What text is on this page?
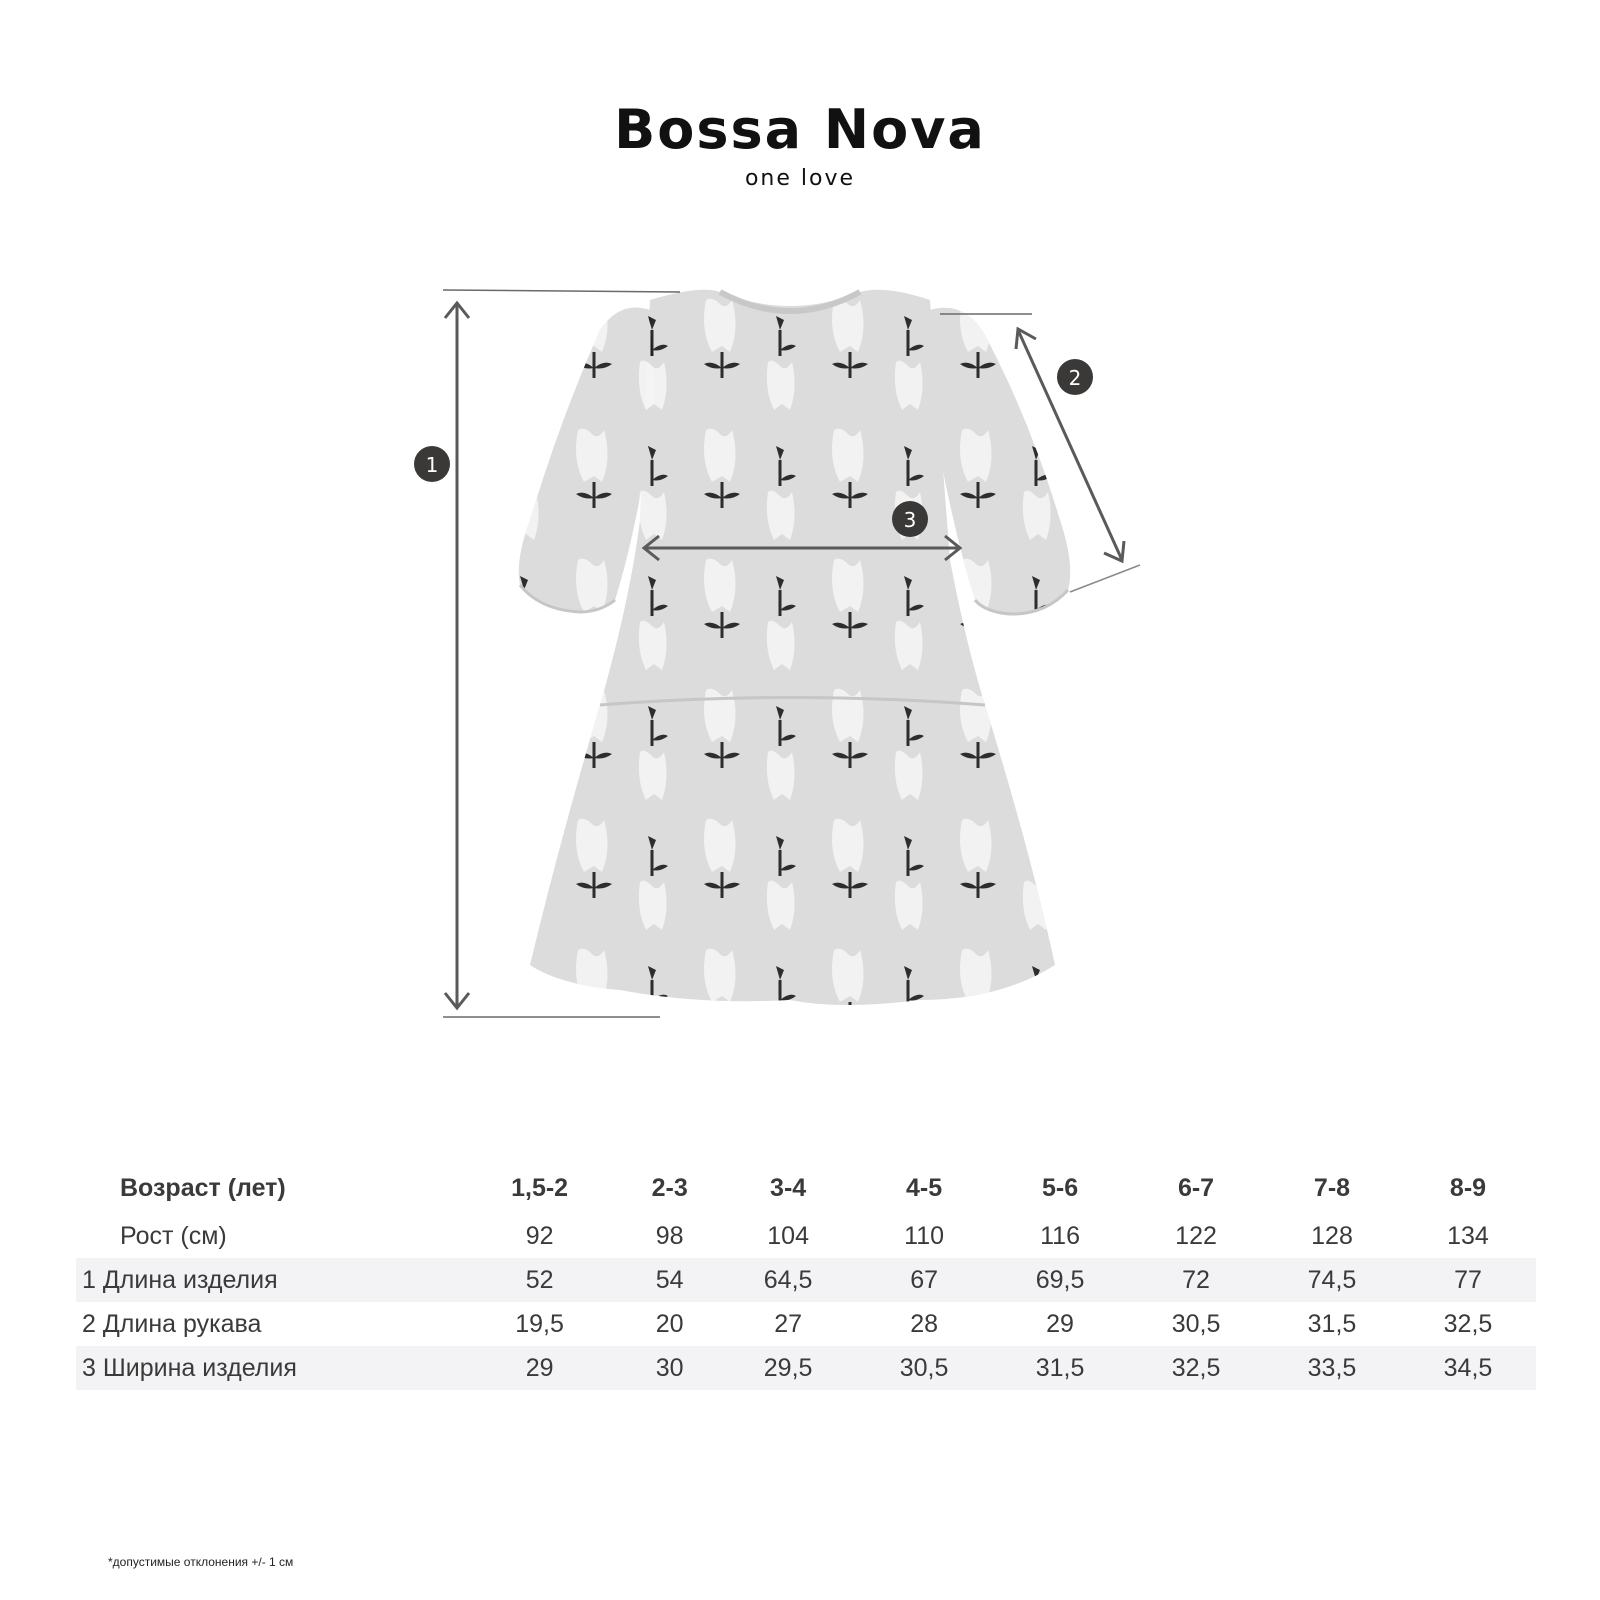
Bossa Nova
one love
1
2
3
Возраст (лет)	1,5-2	2-3	3-4	4-5	5-6	6-7	7-8	8-9
Рост (см)	92	98	104	110	116	122	128	134
1 Длина изделия	52	54	64,5	67	69,5	72	74,5	77
2 Длина рукава	19,5	20	27	28	29	30,5	31,5	32,5
3 Ширина изделия	29	30	29,5	30,5	31,5	32,5	33,5	34,5
*допустимые отклонения +/- 1 см
